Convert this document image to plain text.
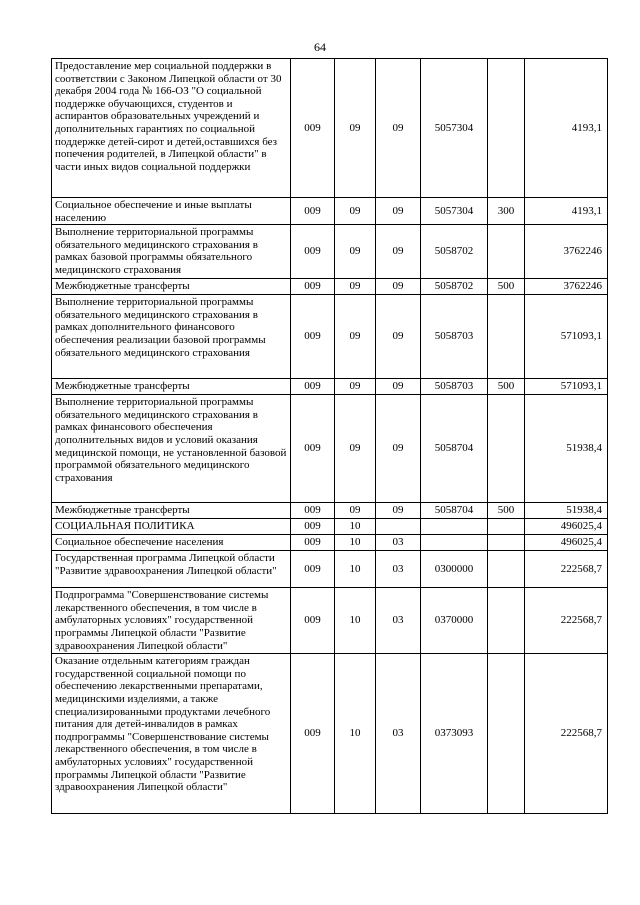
64
Предоставление мер социальной поддержки в соответствии с Законом Липецкой области от 30 декабря 2004 года № 166-ОЗ "О социальной поддержке обучающихся, студентов и аспирантов образовательных учреждений и дополнительных гарантиях по социальной поддержке детей-сирот и детей,оставшихся без попечения родителей, в Липецкой области" в части иных видов социальной поддержки	009	09	09	5057304		4193,1
Социальное обеспечение и иные выплаты населению	009	09	09	5057304	300	4193,1
Выполнение территориальной программы обязательного медицинского страхования в рамках базовой программы обязательного медицинского страхования	009	09	09	5058702		3762246
Межбюджетные трансферты	009	09	09	5058702	500	3762246
Выполнение территориальной программы обязательного медицинского страхования в рамках дополнительного финансового обеспечения реализации базовой программы обязательного медицинского страхования	009	09	09	5058703		571093,1
Межбюджетные трансферты	009	09	09	5058703	500	571093,1
Выполнение территориальной программы обязательного медицинского страхования в рамках финансового обеспечения дополнительных видов и условий оказания медицинской помощи, не установленной базовой программой обязательного медицинского страхования	009	09	09	5058704		51938,4
Межбюджетные трансферты	009	09	09	5058704	500	51938,4
СОЦИАЛЬНАЯ ПОЛИТИКА	009	10				496025,4
Социальное обеспечение населения	009	10	03			496025,4
Государственная программа Липецкой области "Развитие здравоохранения Липецкой области"	009	10	03	0300000		222568,7
Подпрограмма "Совершенствование системы лекарственного обеспечения, в том числе в амбулаторных условиях" государственной программы Липецкой области "Развитие здравоохранения Липецкой области"	009	10	03	0370000		222568,7
Оказание отдельным категориям граждан государственной социальной помощи по обеспечению лекарственными препаратами, медицинскими изделиями, а также специализированными продуктами лечебного питания для детей-инвалидов в рамках подпрограммы "Совершенствование системы лекарственного обеспечения, в том числе в амбулаторных условиях" государственной программы Липецкой области "Развитие здравоохранения Липецкой области"	009	10	03	0373093		222568,7
